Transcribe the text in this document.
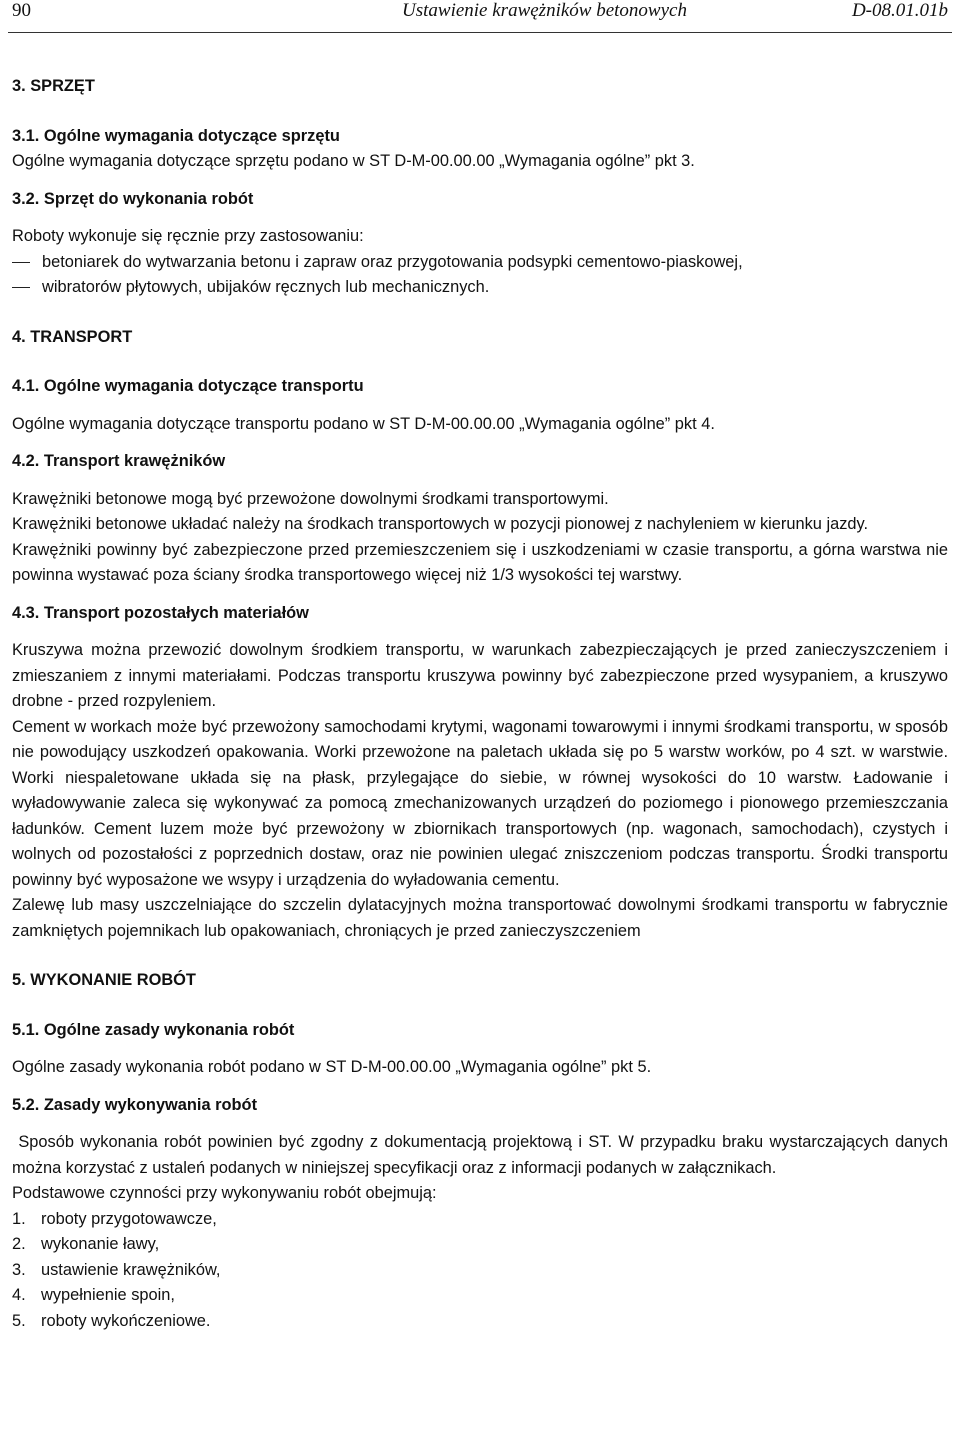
90	Ustawienie krawężników betonowych	D-08.01.01b

3. SPRZĘT

3.1. Ogólne wymagania dotyczące sprzętu

Ogólne wymagania dotyczące sprzętu podano w ST D-M-00.00.00 „Wymagania ogólne” pkt 3.

3.2. Sprzęt do wykonania robót

Roboty wykonuje się ręcznie przy zastosowaniu:

betoniarek do wytwarzania betonu i zapraw oraz przygotowania podsypki cementowo-piaskowej,
wibratorów płytowych, ubijaków ręcznych lub mechanicznych.

4. TRANSPORT

4.1. Ogólne wymagania dotyczące transportu

Ogólne wymagania dotyczące transportu podano w ST D-M-00.00.00 „Wymagania ogólne” pkt 4.

4.2. Transport krawężników

Krawężniki betonowe mogą być przewożone dowolnymi środkami transportowymi.

Krawężniki betonowe układać należy na środkach transportowych w pozycji pionowej z nachyleniem w kierunku jazdy.

Krawężniki powinny być zabezpieczone przed przemieszczeniem się i uszkodzeniami w czasie transportu, a górna warstwa nie powinna wystawać poza ściany środka transportowego więcej niż 1/3 wysokości tej warstwy.

4.3. Transport pozostałych materiałów

Kruszywa można przewozić dowolnym środkiem transportu, w warunkach zabezpieczających je przed zanieczyszczeniem i zmieszaniem z innymi materiałami. Podczas transportu kruszywa powinny być zabezpieczone przed wysypaniem, a kruszywo drobne - przed rozpyleniem.

Cement w workach może być przewożony samochodami krytymi, wagonami towarowymi i innymi środkami transportu, w sposób nie powodujący uszkodzeń opakowania. Worki przewożone na paletach układa się po 5 warstw worków, po 4 szt. w warstwie. Worki niespaletowane układa się na płask, przylegające do siebie, w równej wysokości do 10 warstw. Ładowanie i wyładowywanie zaleca się wykonywać za pomocą zmechanizowanych urządzeń do poziomego i pionowego przemieszczania ładunków. Cement luzem może być przewożony w zbiornikach transportowych (np. wagonach, samochodach), czystych i wolnych od pozostałości z poprzednich dostaw, oraz nie powinien ulegać zniszczeniom podczas transportu. Środki transportu powinny być wyposażone we wsypy i urządzenia do wyładowania cementu.

Zalewę lub masy uszczelniające do szczelin dylatacyjnych można transportować dowolnymi środkami transportu w fabrycznie zamkniętych pojemnikach lub opakowaniach, chroniących je przed zanieczyszczeniem

5. WYKONANIE ROBÓT

5.1. Ogólne zasady wykonania robót

Ogólne zasady wykonania robót podano w ST D-M-00.00.00 „Wymagania ogólne” pkt 5.

5.2. Zasady wykonywania robót

Sposób wykonania robót powinien być zgodny z dokumentacją projektową i ST. W przypadku braku wystarczających danych można korzystać z ustaleń podanych w niniejszej specyfikacji oraz z informacji podanych w załącznikach.

Podstawowe czynności przy wykonywaniu robót obejmują:

1. roboty przygotowawcze,
2. wykonanie ławy,
3. ustawienie krawężników,
4. wypełnienie spoin,
5. roboty wykończeniowe.
